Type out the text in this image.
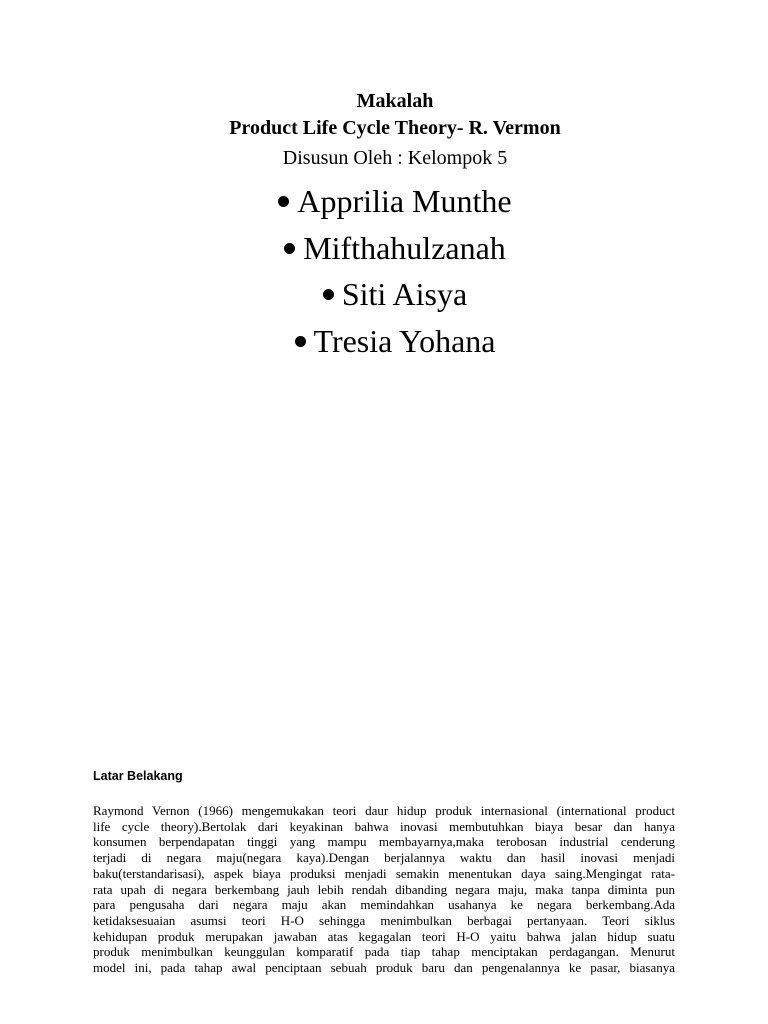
Makalah
Product Life Cycle Theory- R. Vermon
Disusun Oleh : Kelompok 5
Apprilia Munthe
Mifthahulzanah
Siti Aisya
Tresia Yohana
Latar Belakang

Raymond Vernon (1966) mengemukakan teori daur hidup produk internasional (international product
life cycle theory).Bertolak dari keyakinan bahwa inovasi membutuhkan biaya besar dan hanya
konsumen berpendapatan tinggi yang mampu membayarnya,maka terobosan industrial cenderung
terjadi di negara maju(negara kaya).Dengan berjalannya waktu dan hasil inovasi menjadi
baku(terstandarisasi), aspek biaya produksi menjadi semakin menentukan daya saing.Mengingat rata-
rata upah di negara berkembang jauh lebih rendah dibanding negara maju, maka tanpa diminta pun
para pengusaha dari negara maju akan memindahkan usahanya ke negara berkembang.Ada
ketidaksesuaian asumsi teori H-O sehingga menimbulkan berbagai pertanyaan. Teori siklus
kehidupan produk merupakan jawaban atas kegagalan teori H-O yaitu bahwa jalan hidup suatu
produk menimbulkan keunggulan komparatif pada tiap tahap menciptakan perdagangan. Menurut
model ini, pada tahap awal penciptaan sebuah produk baru dan pengenalannya ke pasar, biasanya
